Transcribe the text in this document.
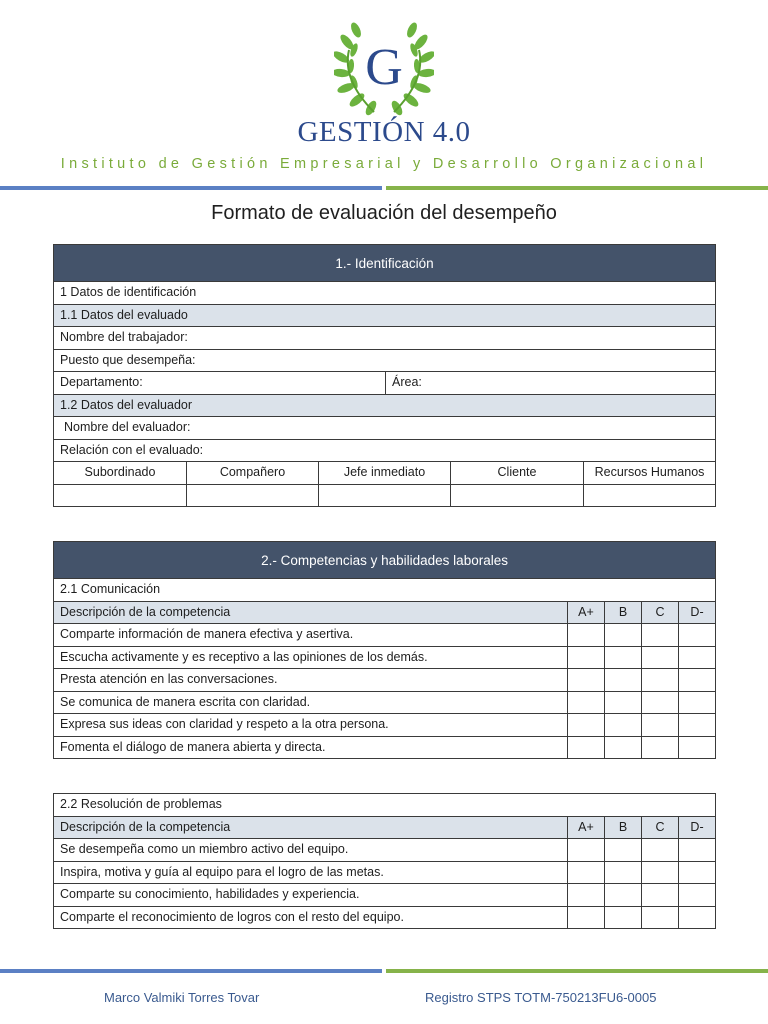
G
GESTIÓN 4.0
Instituto de Gestión Empresarial y Desarrollo Organizacional
Formato de evaluación del desempeño
1.- Identificación					
1 Datos de identificación					
1.1 Datos del evaluado					
Nombre del trabajador:					
Puesto que desempeña:					
Departamento:			Área:		
1.2 Datos del evaluador					
Nombre del evaluador:					
Relación con el evaluado:					
Subordinado	Compañero	Jefe inmediato		Cliente	Recursos Humanos

2.- Competencias y habilidades laborales				
2.1 Comunicación				
Descripción de la competencia	A+	B	C	D-
Comparte información de manera efectiva y asertiva.				
Escucha activamente y es receptivo a las opiniones de los demás.				
Presta atención en las conversaciones.				
Se comunica de manera escrita con claridad.				
Expresa sus ideas con claridad y respeto a la otra persona.				
Fomenta el diálogo de manera abierta y directa.				
2.2 Resolución de problemas				
Descripción de la competencia	A+	B	C	D-
Se desempeña como un miembro activo del equipo.				
Inspira, motiva y guía al equipo para el logro de las metas.				
Comparte su conocimiento, habilidades y experiencia.				
Comparte el reconocimiento de logros con el resto del equipo.				
Marco Valmiki Torres Tovar	Registro STPS TOTM-750213FU6-0005
